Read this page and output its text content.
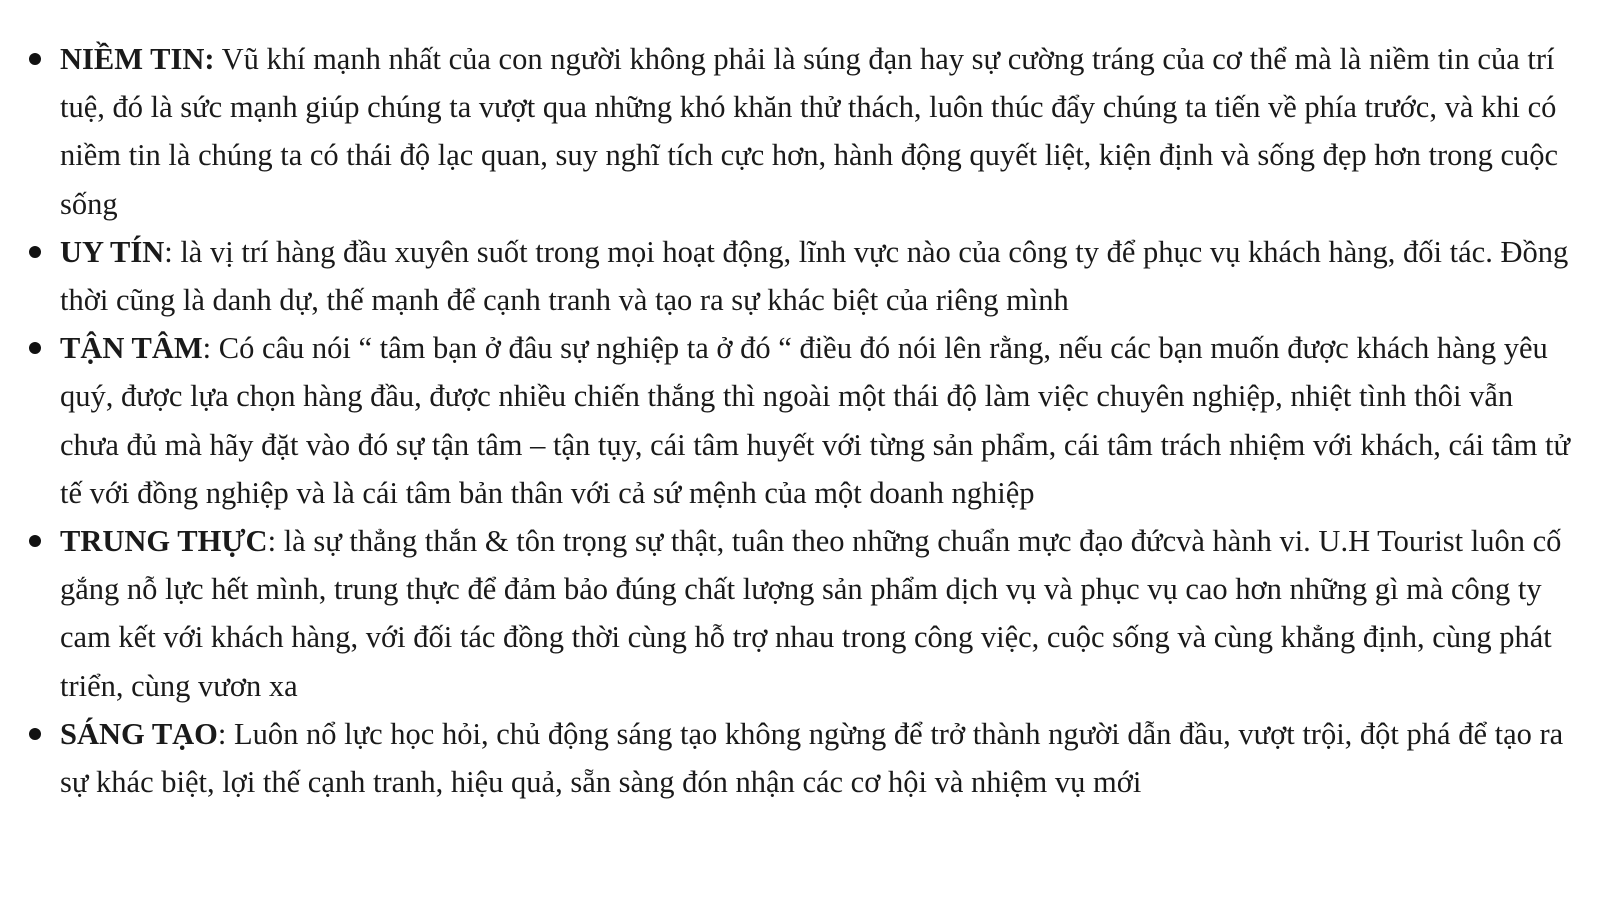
NIỀM TIN: Vũ khí mạnh nhất của con người không phải là súng đạn hay sự cường tráng của cơ thể mà là niềm tin của trí tuệ, đó là sức mạnh giúp chúng ta vượt qua những khó khăn thử thách, luôn thúc đẩy chúng ta tiến về phía trước, và khi có niềm tin là chúng ta có thái độ lạc quan, suy nghĩ tích cực hơn, hành động quyết liệt, kiện định và sống đẹp hơn trong cuộc sống
UY TÍN: là vị trí hàng đầu xuyên suốt trong mọi hoạt động, lĩnh vực nào của công ty để phục vụ khách hàng, đối tác. Đồng thời cũng là danh dự, thế mạnh để cạnh tranh và tạo ra sự khác biệt của riêng mình
TẬN TÂM: Có câu nói “ tâm bạn ở đâu sự nghiệp ta ở đó “ điều đó nói lên rằng, nếu các bạn muốn được khách hàng yêu quý, được lựa chọn hàng đầu, được nhiều chiến thắng thì ngoài một thái độ làm việc chuyên nghiệp, nhiệt tình thôi vẫn chưa đủ mà hãy đặt vào đó sự tận tâm – tận tụy, cái tâm huyết với từng sản phẩm, cái tâm trách nhiệm với khách, cái tâm tử tế với đồng nghiệp và là cái tâm bản thân với cả sứ mệnh của một doanh nghiệp
TRUNG THỰC: là sự thẳng thắn & tôn trọng sự thật, tuân theo những chuẩn mực đạo đứcvà hành vi. U.H Tourist luôn cố gắng nỗ lực hết mình, trung thực để đảm bảo đúng chất lượng sản phẩm dịch vụ và phục vụ cao hơn những gì mà công ty cam kết với khách hàng, với đối tác đồng thời cùng hỗ trợ nhau trong công việc, cuộc sống và cùng khẳng định, cùng phát triển, cùng vươn xa
SÁNG TẠO: Luôn nổ lực học hỏi, chủ động sáng tạo không ngừng để trở thành người dẫn đầu, vượt trội, đột phá để tạo ra sự khác biệt, lợi thế cạnh tranh, hiệu quả, sẵn sàng đón nhận các cơ hội và nhiệm vụ mới
